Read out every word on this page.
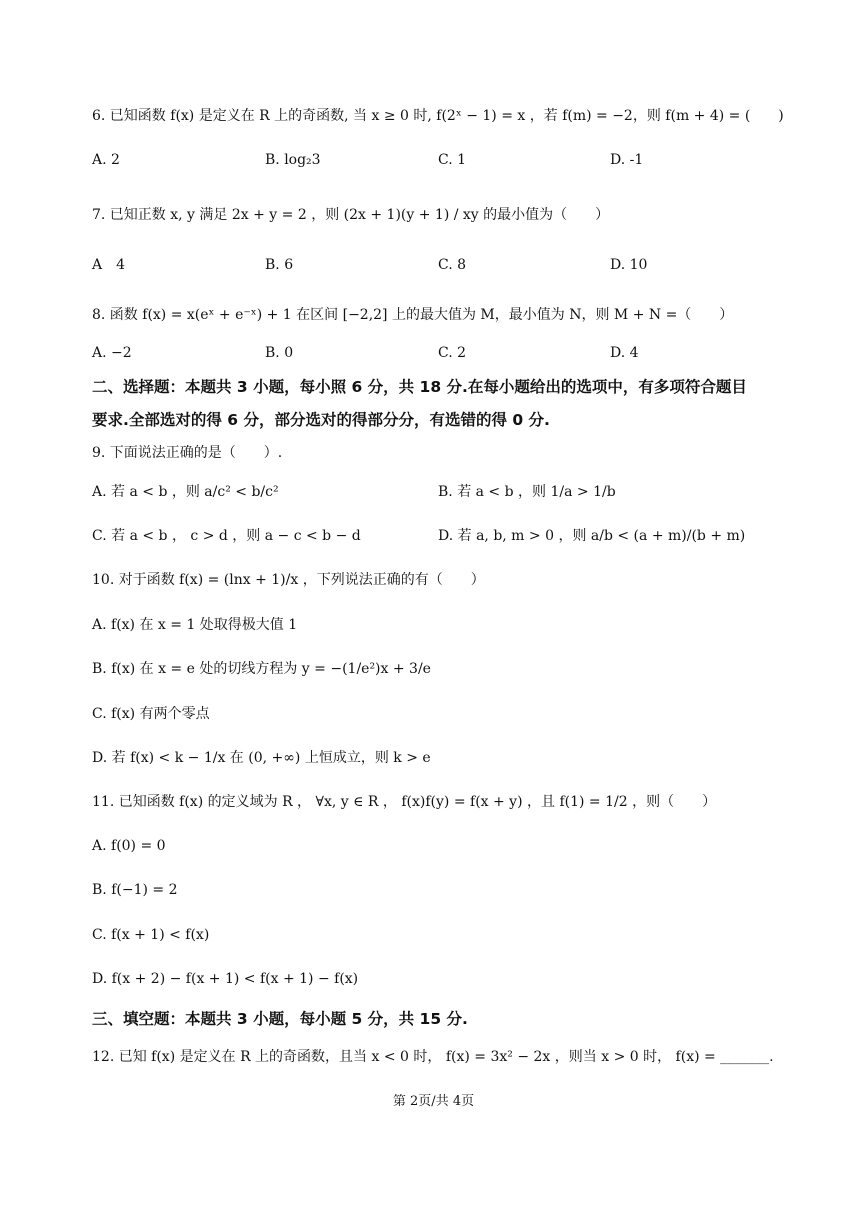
6. 已知函数 f(x) 是定义在 R 上的奇函数, 当 x ≥ 0 时, f(2ˣ − 1) = x ，若 f(m) = −2，则 f(m + 4) = (　　)
A. 2	B. log₂3	C. 1	D. -1
7. 已知正数 x, y 满足 2x + y = 2 ，则 (2x + 1)(y + 1) / xy 的最小值为（　　）
A　4	B. 6	C. 8	D. 10
8. 函数 f(x) = x(eˣ + e⁻ˣ) + 1 在区间 [−2,2] 上的最大值为 M，最小值为 N，则 M + N =（　　）
A. −2	B. 0	C. 2	D. 4
二、选择题：本题共 3 小题，每小照 6 分，共 18 分.在每小题给出的选项中，有多项符合题目
要求.全部选对的得 6 分，部分选对的得部分分，有选错的得 0 分.
9. 下面说法正确的是（　　）.
A. 若 a < b ，则 a/c² < b/c²	B. 若 a < b ，则 1/a > 1/b
C. 若 a < b ， c > d ，则 a − c < b − d	D. 若 a, b, m > 0 ，则 a/b < (a + m)/(b + m)
10. 对于函数 f(x) = (lnx + 1)/x ，下列说法正确的有（　　）
A. f(x) 在 x = 1 处取得极大值 1
B. f(x) 在 x = e 处的切线方程为 y = −(1/e²)x + 3/e
C. f(x) 有两个零点
D. 若 f(x) < k − 1/x 在 (0, +∞) 上恒成立，则 k > e
11. 已知函数 f(x) 的定义域为 R ， ∀x, y ∈ R ， f(x)f(y) = f(x + y) ，且 f(1) = 1/2 ，则（　　）
A. f(0) = 0
B. f(−1) = 2
C. f(x + 1) < f(x)
D. f(x + 2) − f(x + 1) < f(x + 1) − f(x)
三、填空题：本题共 3 小题，每小题 5 分，共 15 分.
12. 已知 f(x) 是定义在 R 上的奇函数，且当 x < 0 时， f(x) = 3x² − 2x ，则当 x > 0 时， f(x) = _______.
第 2页/共 4页
